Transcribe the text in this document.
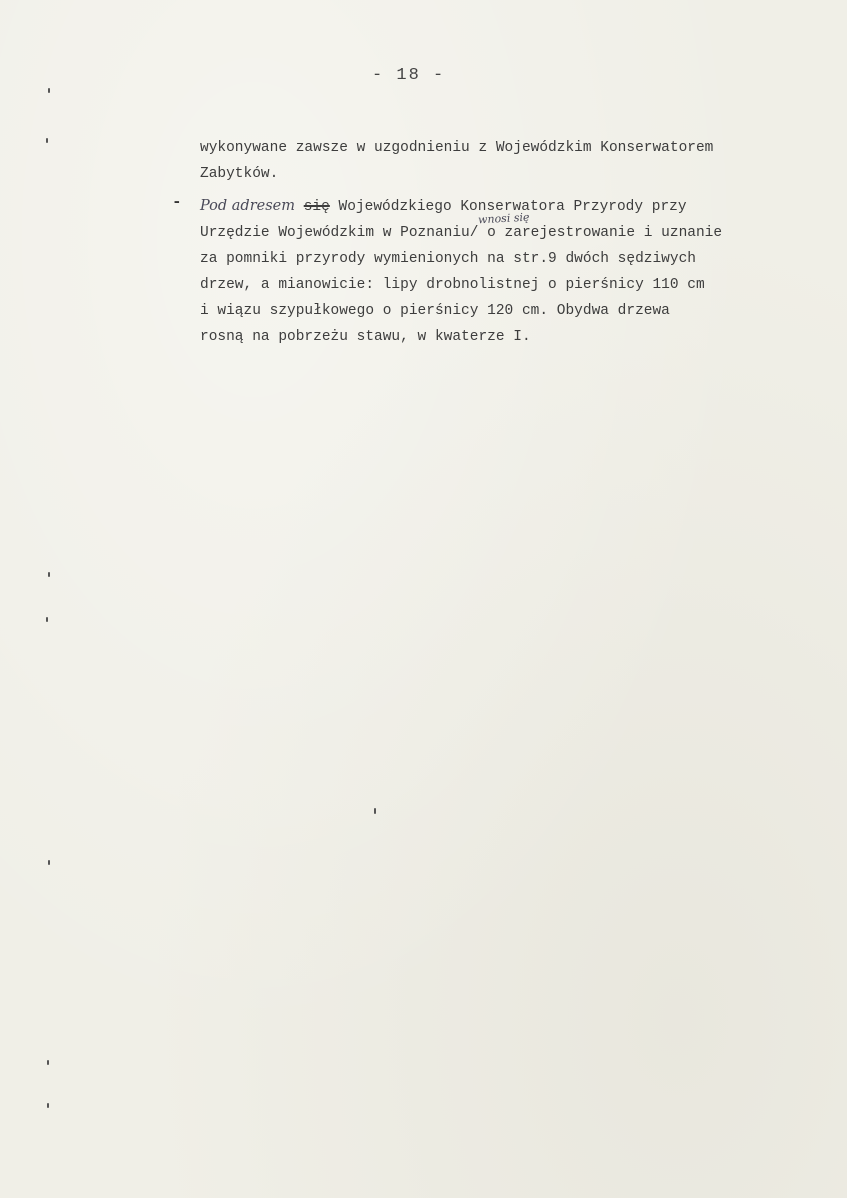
- 18 -
wykonywane zawsze w uzgodnieniu z Wojewódzkim Konserwatorem
Zabytków.
- Pod adresem się Wojewódzkiego Konserwatora Przyrody przy
Urzędzie Wojewódzkim w Poznaniu/ o zarejestrowanie i uznanie
za pomniki przyrody wymienionych na str.9 dwóch sędziwych
drzew, a mianowicie: lipy drobnolistnej o pierśnicy 110 cm
i wiązu szypułkowego o pierśnicy 120 cm. Obydwa drzewa
rosną na pobrzeżu stawu, w kwaterze I.
wnosi się
